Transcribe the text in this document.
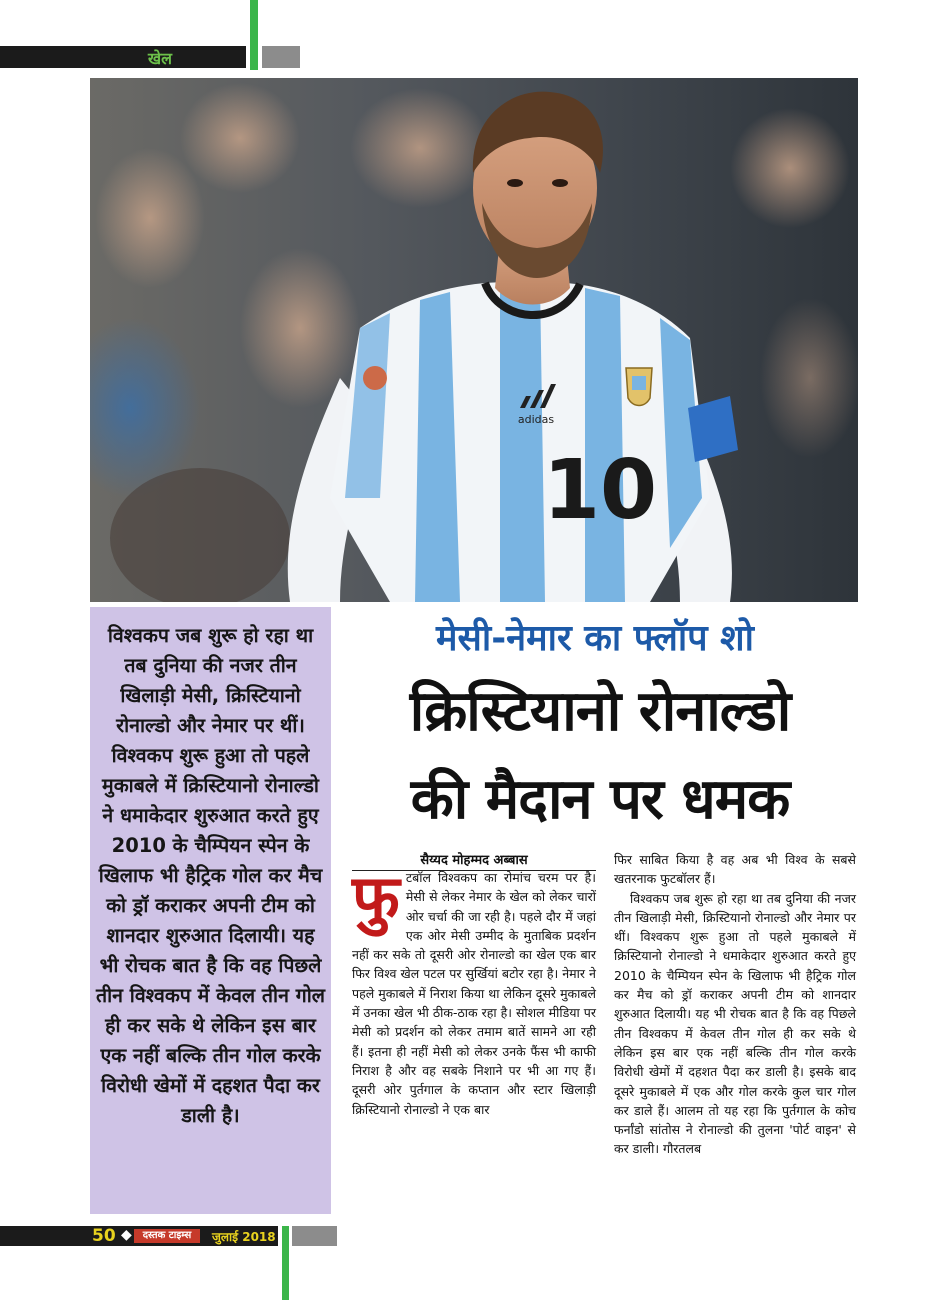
खेल
adidas
10

विश्वकप जब शुरू हो रहा था तब दुनिया की नजर तीन खिलाड़ी मेसी, क्रिस्टियानो रोनाल्डो और नेमार पर थीं। विश्वकप शुरू हुआ तो पहले मुकाबले में क्रिस्टियानो रोनाल्डो ने धमाकेदार शुरुआत करते हुए 2010 के चैम्पियन स्पेन के खिलाफ भी हैट्रिक गोल कर मैच को ड्रॉ कराकर अपनी टीम को शानदार शुरुआत दिलायी। यह भी रोचक बात है कि वह पिछले तीन विश्वकप में केवल तीन गोल ही कर सके थे लेकिन इस बार एक नहीं बल्कि तीन गोल करके विरोधी खेमों में दहशत पैदा कर डाली है।

मेसी-नेमार का फ्लॉप शो
क्रिस्टियानो रोनाल्डो
की मैदान पर धमक
सैय्यद मोहम्मद अब्बास

फु टबॉल विश्वकप का रोमांच चरम पर है। मेसी से लेकर नेमार के खेल को लेकर चारों ओर चर्चा की जा रही है। पहले दौर में जहां एक ओर मेसी उम्मीद के मुताबिक प्रदर्शन नहीं कर सके तो दूसरी ओर रोनाल्डो का खेल एक बार फिर विश्व खेल पटल पर सुर्खियां बटोर रहा है। नेमार ने पहले मुकाबले में निराश किया था लेकिन दूसरे मुकाबले में उनका खेल भी ठीक-ठाक रहा है। सोशल मीडिया पर मेसी को प्रदर्शन को लेकर तमाम बातें सामने आ रही हैं। इतना ही नहीं मेसी को लेकर उनके फैंस भी काफी निराश है और वह सबके निशाने पर भी आ गए हैं। दूसरी ओर पुर्तगाल के कप्तान और स्टार खिलाड़ी क्रिस्टियानो रोनाल्डो ने एक बार

फिर साबित किया है वह अब भी विश्व के सबसे खतरनाक फुटबॉलर हैं।

विश्वकप जब शुरू हो रहा था तब दुनिया की नजर तीन खिलाड़ी मेसी, क्रिस्टियानो रोनाल्डो और नेमार पर थीं। विश्वकप शुरू हुआ तो पहले मुकाबले में क्रिस्टियानो रोनाल्डो ने धमाकेदार शुरुआत करते हुए 2010 के चैम्पियन स्पेन के खिलाफ भी हैट्रिक गोल कर मैच को ड्रॉ कराकर अपनी टीम को शानदार शुरुआत दिलायी। यह भी रोचक बात है कि वह पिछले तीन विश्वकप में केवल तीन गोल ही कर सके थे लेकिन इस बार एक नहीं बल्कि तीन गोल करके विरोधी खेमों में दहशत पैदा कर डाली है। इसके बाद दूसरे मुकाबले में एक और गोल करके कुल चार गोल कर डाले हैं। आलम तो यह रहा कि पुर्तगाल के कोच फर्नांडो सांतोस ने रोनाल्डो की तुलना 'पोर्ट वाइन' से कर डाली। गौरतलब

50 ◆	दस्तक टाइम्स	जुलाई 2018
